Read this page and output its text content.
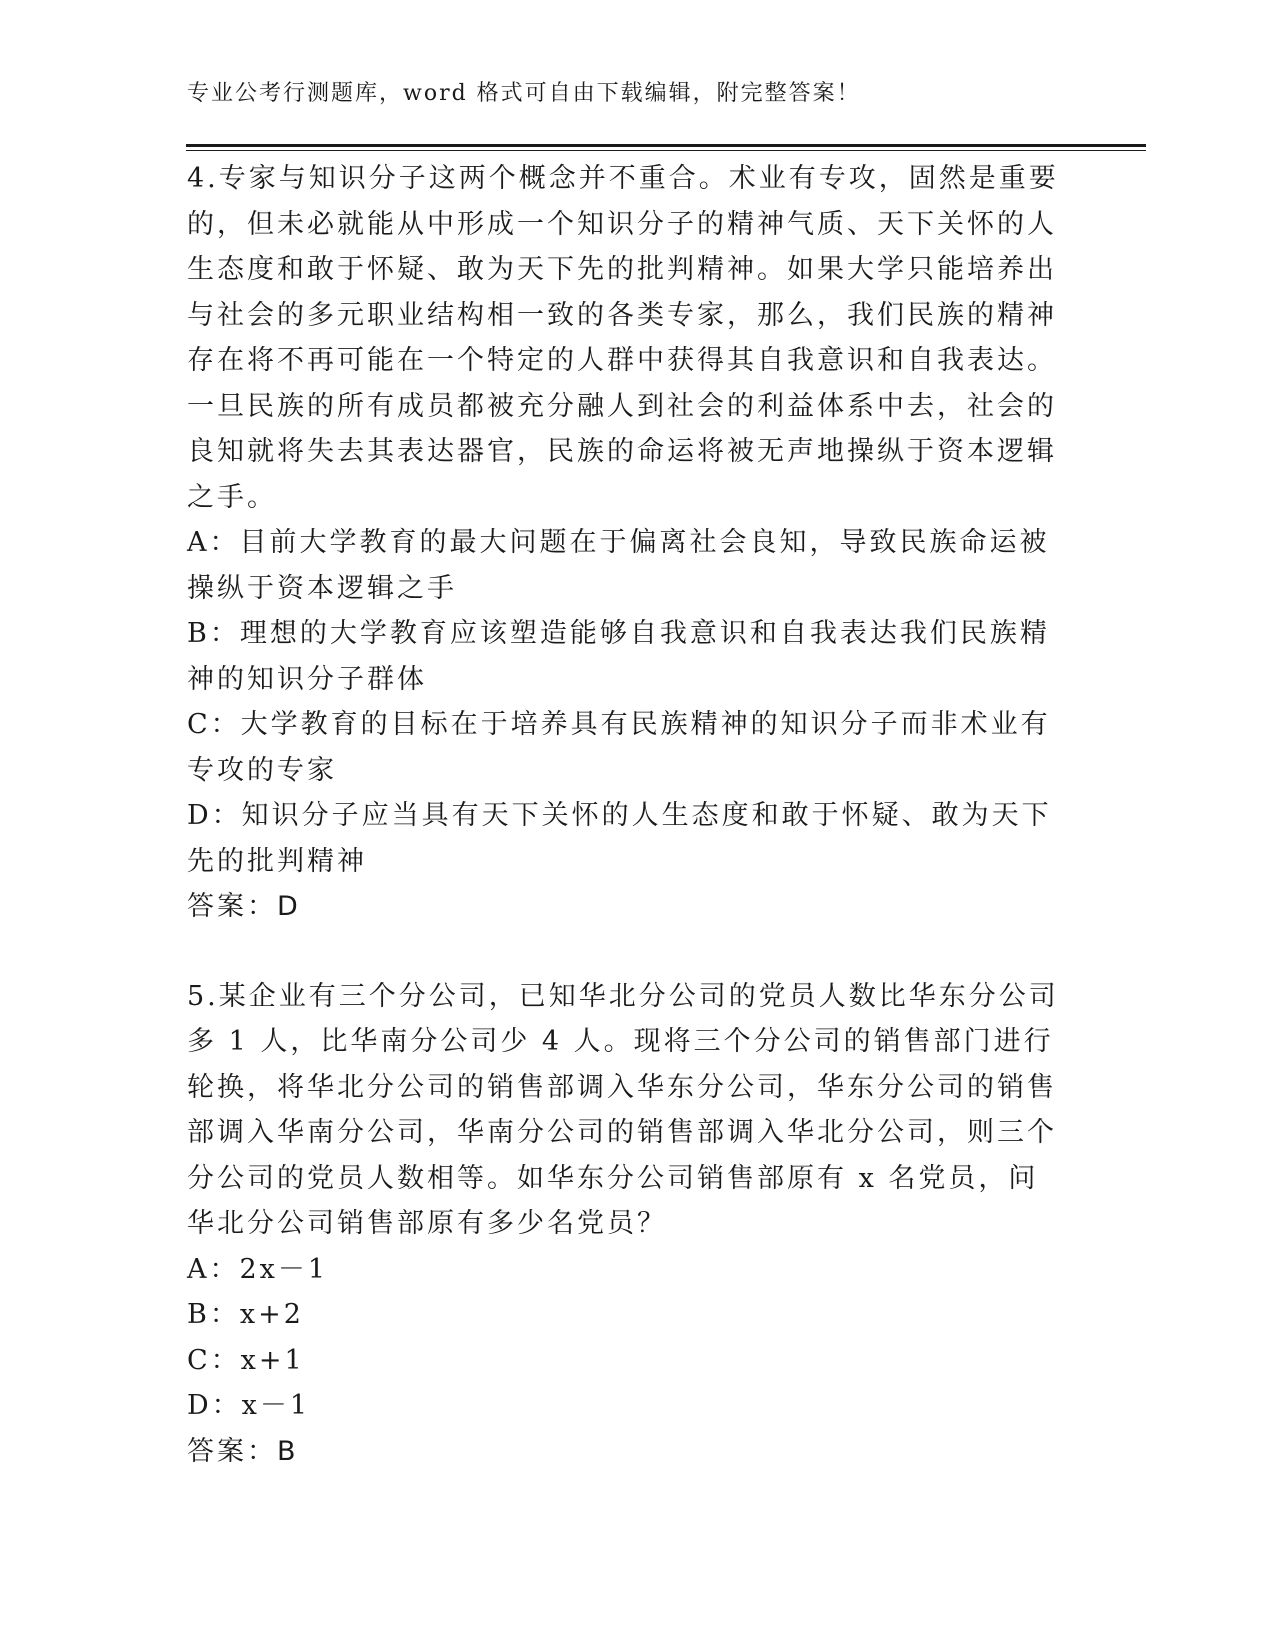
专业公考行测题库，word 格式可自由下载编辑，附完整答案！

4.专家与知识分子这两个概念并不重合。术业有专攻，固然是重要的，但未必就能从中形成一个知识分子的精神气质、天下关怀的人生态度和敢于怀疑、敢为天下先的批判精神。如果大学只能培养出与社会的多元职业结构相一致的各类专家，那么，我们民族的精神存在将不再可能在一个特定的人群中获得其自我意识和自我表达。一旦民族的所有成员都被充分融人到社会的利益体系中去，社会的良知就将失去其表达器官，民族的命运将被无声地操纵于资本逻辑之手。

A：目前大学教育的最大问题在于偏离社会良知，导致民族命运被操纵于资本逻辑之手

B：理想的大学教育应该塑造能够自我意识和自我表达我们民族精神的知识分子群体

C：大学教育的目标在于培养具有民族精神的知识分子而非术业有专攻的专家

D：知识分子应当具有天下关怀的人生态度和敢于怀疑、敢为天下先的批判精神

答案：D

5.某企业有三个分公司，已知华北分公司的党员人数比华东分公司多 1 人，比华南分公司少 4 人。现将三个分公司的销售部门进行轮换，将华北分公司的销售部调入华东分公司，华东分公司的销售部调入华南分公司，华南分公司的销售部调入华北分公司，则三个分公司的党员人数相等。如华东分公司销售部原有 x 名党员，问华北分公司销售部原有多少名党员？

A：2x－1

B：x+2

C：x+1

D：x－1

答案：B
